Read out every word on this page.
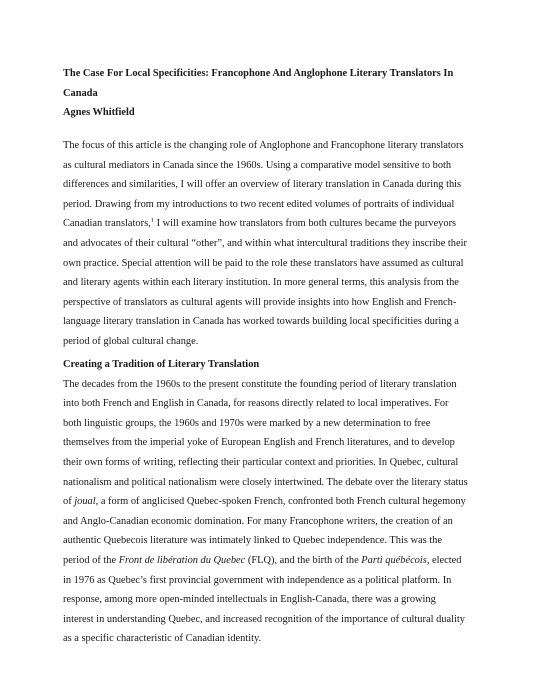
The Case For Local Specificities: Francophone And Anglophone Literary Translators In
Canada
Agnes Whitfield
The focus of this article is the changing role of Anglophone and Francophone literary translators
as cultural mediators in Canada since the 1960s. Using a comparative model sensitive to both
differences and similarities, I will offer an overview of literary translation in Canada during this
period. Drawing from my introductions to two recent edited volumes of portraits of individual
Canadian translators,$^1$ I will examine how translators from both cultures became the purveyors
and advocates of their cultural “other”, and within what intercultural traditions they inscribe their
own practice. Special attention will be paid to the role these translators have assumed as cultural
and literary agents within each literary institution. In more general terms, this analysis from the
perspective of translators as cultural agents will provide insights into how English and French-
language literary translation in Canada has worked towards building local specificities during a
period of global cultural change.
Creating a Tradition of Literary Translation
The decades from the 1960s to the present constitute the founding period of literary translation
into both French and English in Canada, for reasons directly related to local imperatives. For
both linguistic groups, the 1960s and 1970s were marked by a new determination to free
themselves from the imperial yoke of European English and French literatures, and to develop
their own forms of writing, reflecting their particular context and priorities. In Quebec, cultural
nationalism and political nationalism were closely intertwined. The debate over the literary status
of joual, a form of anglicised Quebec-spoken French, confronted both French cultural hegemony
and Anglo-Canadian economic domination. For many Francophone writers, the creation of an
authentic Quebecois literature was intimately linked to Quebec independence. This was the
period of the Front de libération du Quebec (FLQ), and the birth of the Parti québécois, elected
in 1976 as Quebec’s first provincial government with independence as a political platform. In
response, among more open-minded intellectuals in English-Canada, there was a growing
interest in understanding Quebec, and increased recognition of the importance of cultural duality
as a specific characteristic of Canadian identity.
